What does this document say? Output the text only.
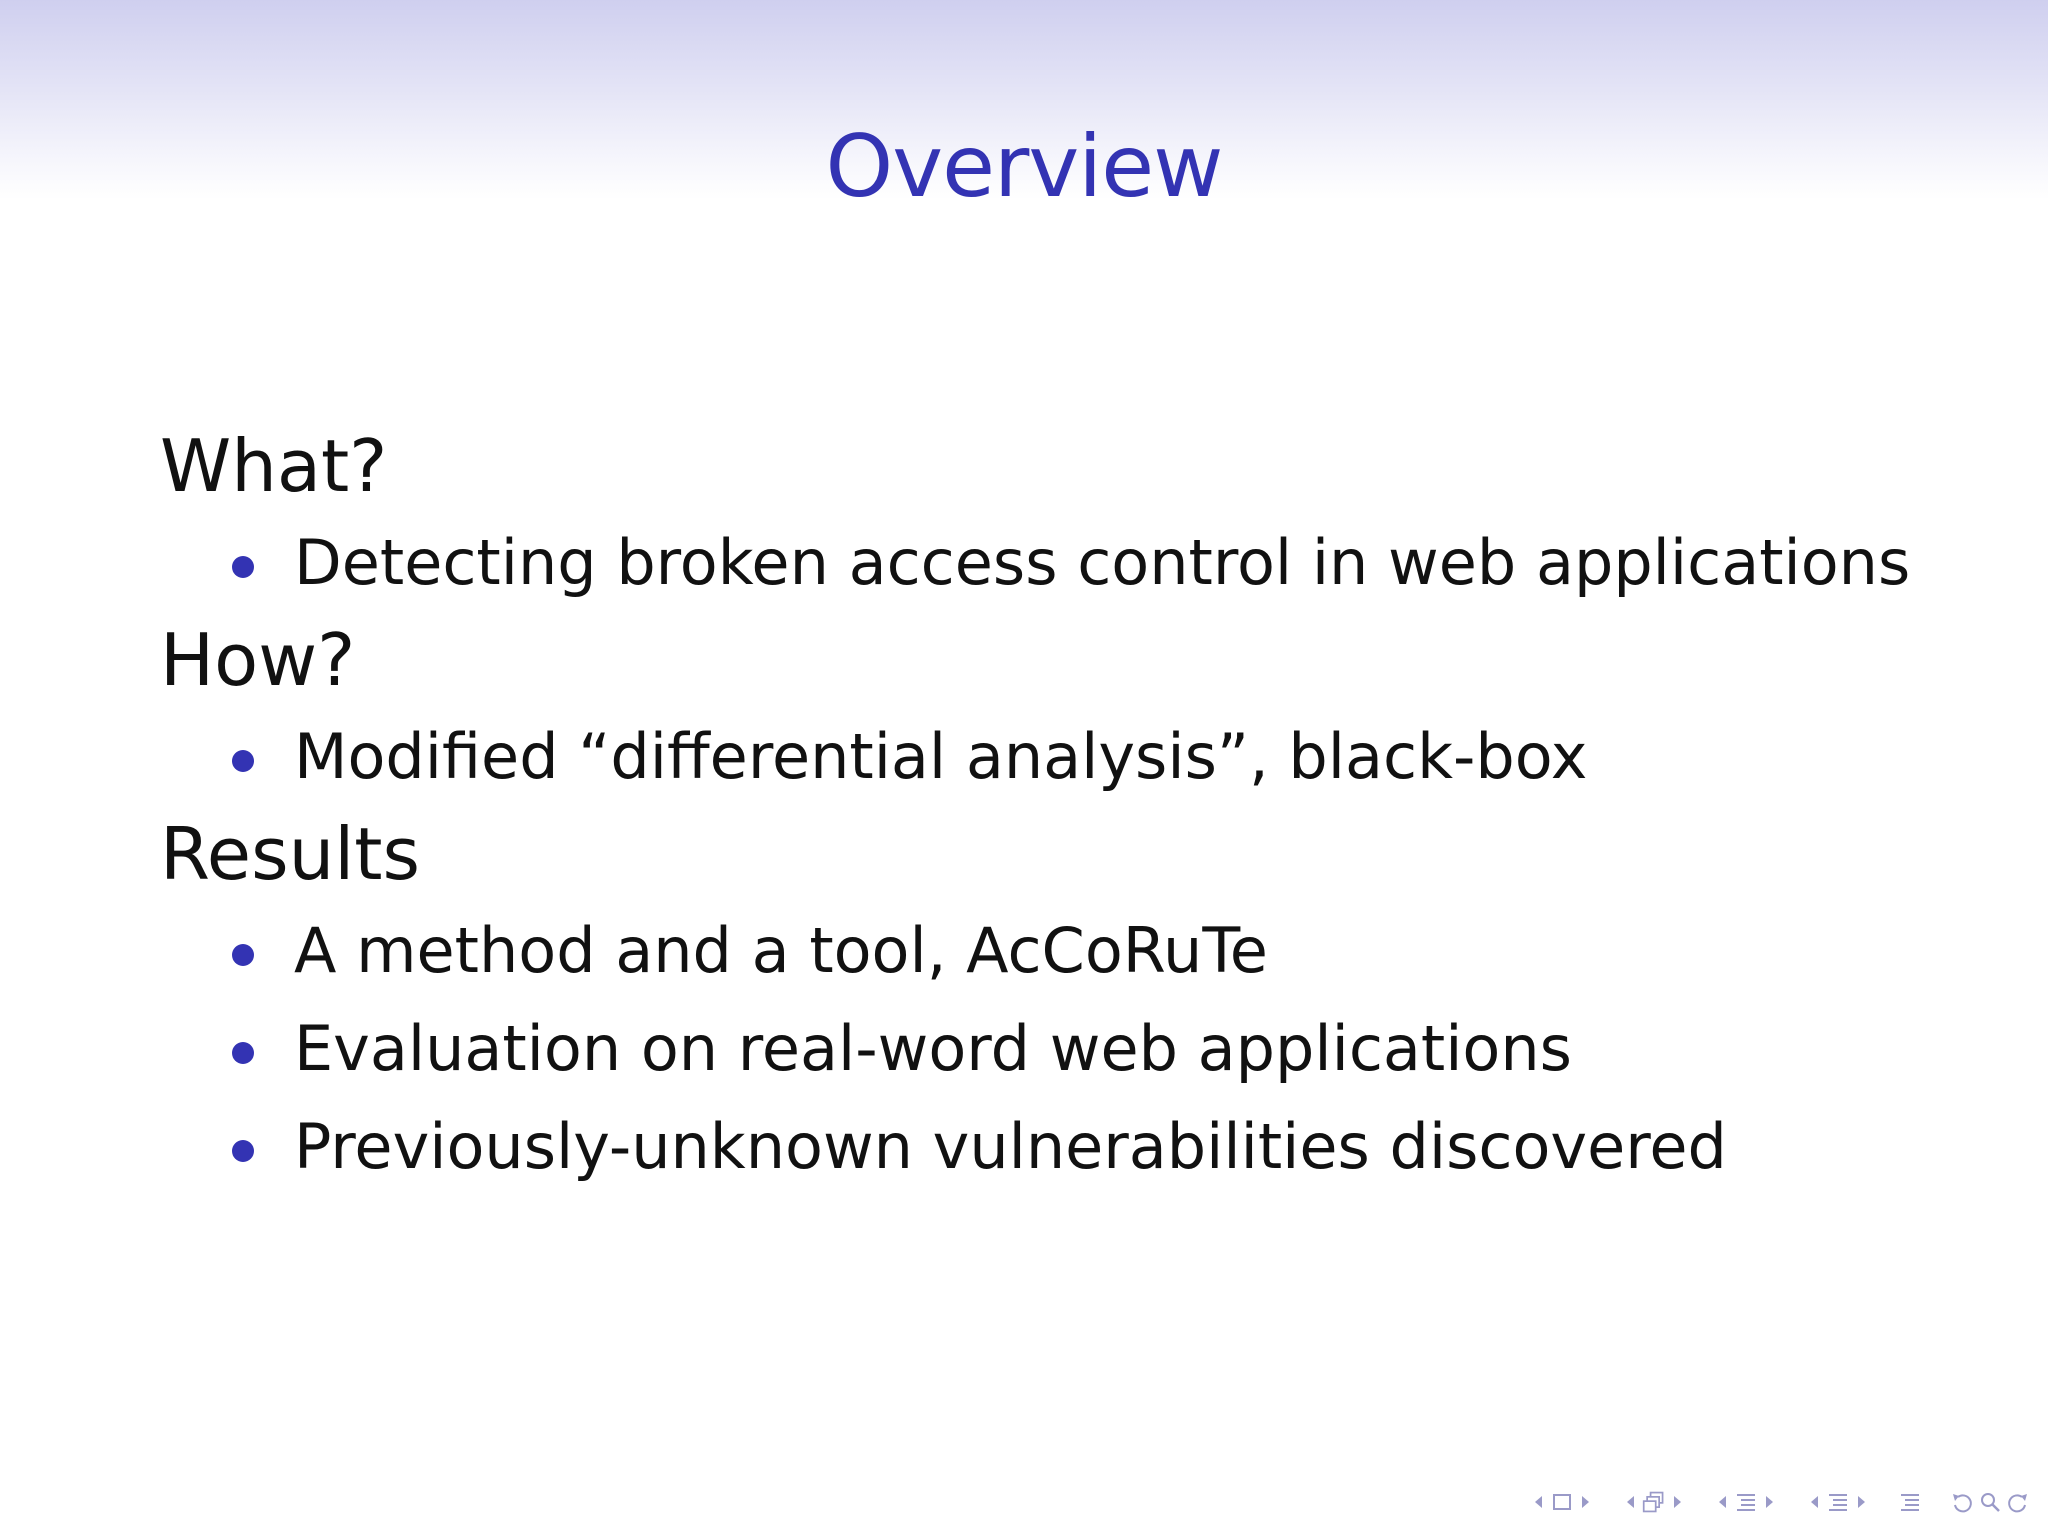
Overview
What?
Detecting broken access control in web applications
How?
Modified “differential analysis”, black-box
Results
A method and a tool, AcCoRuTe
Evaluation on real-word web applications
Previously-unknown vulnerabilities discovered
